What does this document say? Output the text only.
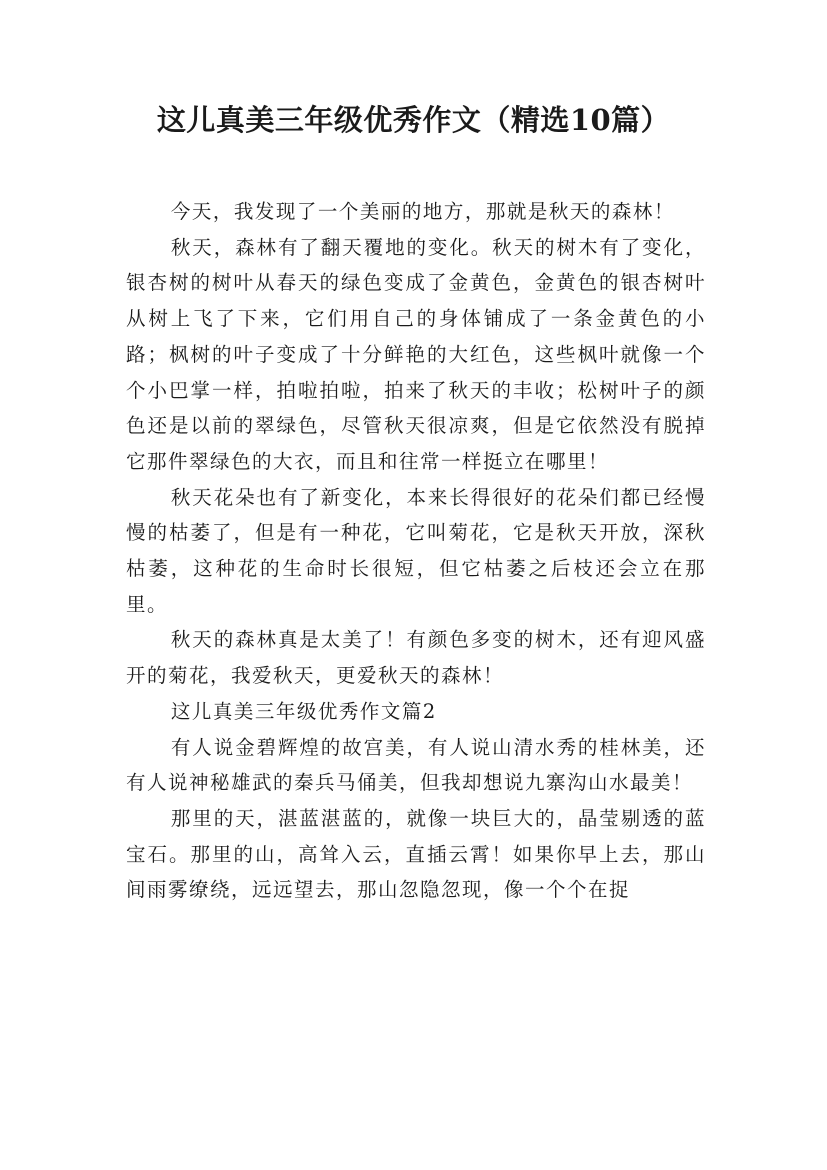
这儿真美三年级优秀作文（精选10篇）

今天，我发现了一个美丽的地方，那就是秋天的森林！

秋天，森林有了翻天覆地的变化。秋天的树木有了变化，银杏树的树叶从春天的绿色变成了金黄色，金黄色的银杏树叶从树上飞了下来，它们用自己的身体铺成了一条金黄色的小路；枫树的叶子变成了十分鲜艳的大红色，这些枫叶就像一个个小巴掌一样，拍啦拍啦，拍来了秋天的丰收；松树叶子的颜色还是以前的翠绿色，尽管秋天很凉爽，但是它依然没有脱掉它那件翠绿色的大衣，而且和往常一样挺立在哪里！

秋天花朵也有了新变化，本来长得很好的花朵们都已经慢慢的枯萎了，但是有一种花，它叫菊花，它是秋天开放，深秋枯萎，这种花的生命时长很短，但它枯萎之后枝还会立在那里。

秋天的森林真是太美了！有颜色多变的树木，还有迎风盛开的菊花，我爱秋天，更爱秋天的森林！

这儿真美三年级优秀作文篇2

有人说金碧辉煌的故宫美，有人说山清水秀的桂林美，还有人说神秘雄武的秦兵马俑美，但我却想说九寨沟山水最美！

那里的天，湛蓝湛蓝的，就像一块巨大的，晶莹剔透的蓝宝石。那里的山，高耸入云，直插云霄！如果你早上去，那山间雨雾缭绕，远远望去，那山忽隐忽现，像一个个在捉
